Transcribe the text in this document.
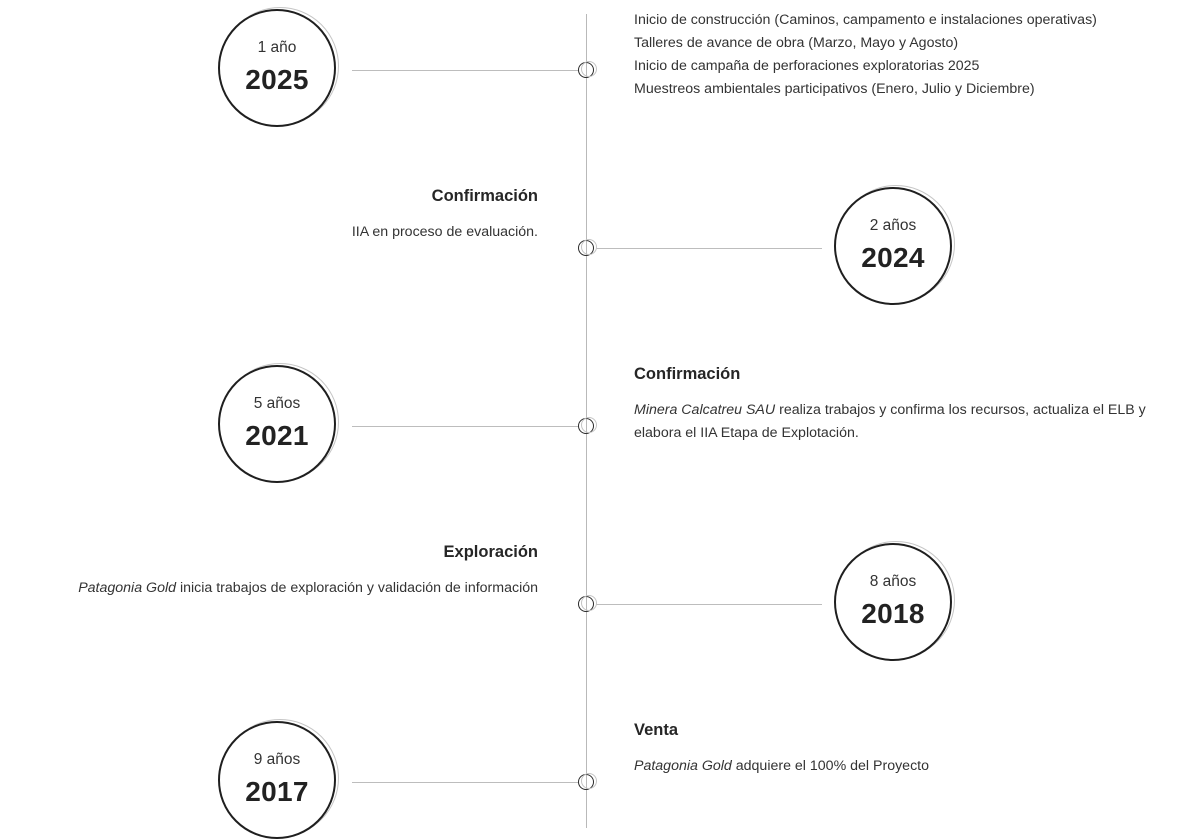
1 año
2025
Inicio de construcción (Caminos, campamento e instalaciones operativas)
Talleres de avance de obra (Marzo, Mayo y Agosto)
Inicio de campaña de perforaciones exploratorias 2025
Muestreos ambientales participativos (Enero, Julio y Diciembre)
2 años
2024
Confirmación
IIA en proceso de evaluación.
5 años
2021
Confirmación
Minera Calcatreu SAU realiza trabajos y confirma los recursos, actualiza el ELB y
elabora el IIA Etapa de Explotación.
8 años
2018
Exploración
Patagonia Gold inicia trabajos de exploración y validación de información
9 años
2017
Venta
Patagonia Gold adquiere el 100% del Proyecto
